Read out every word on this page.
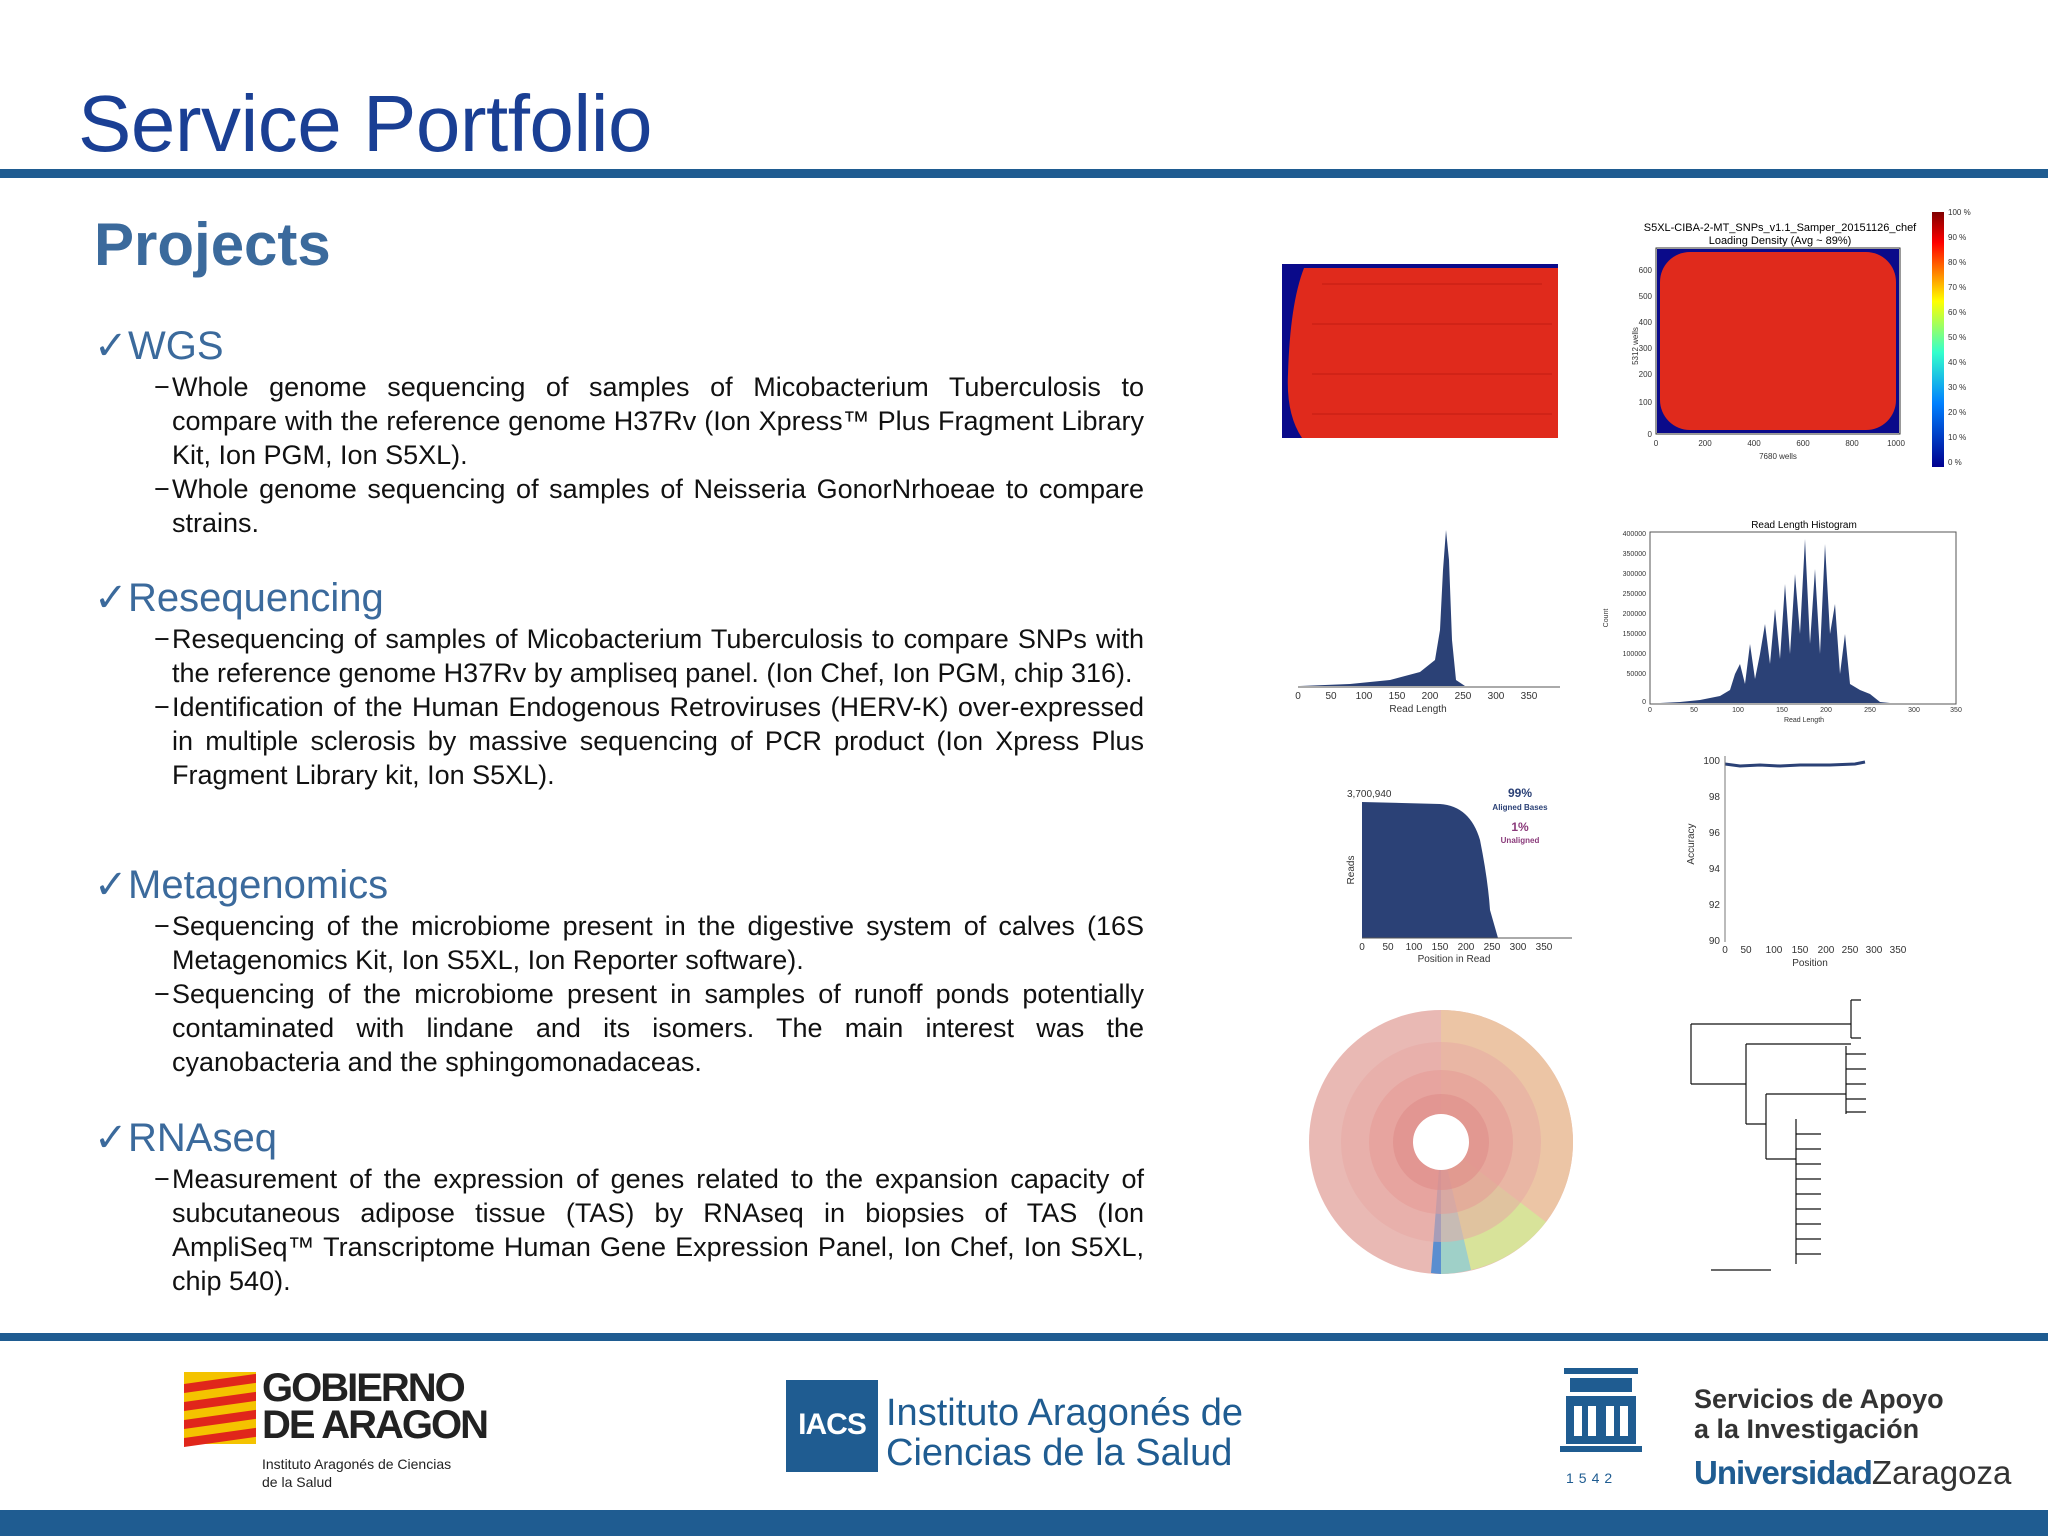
Service Portfolio
Projects
✓WGS
− Whole genome sequencing of samples of Micobacterium Tuberculosis to compare with the reference genome H37Rv (Ion Xpress™ Plus Fragment Library Kit, Ion PGM, Ion S5XL).
− Whole genome sequencing of samples of Neisseria GonorNrhoeae to compare strains.
✓Resequencing
− Resequencing of samples of Micobacterium Tuberculosis to compare SNPs with the reference genome H37Rv by ampliseq panel. (Ion Chef, Ion PGM, chip 316).
− Identification of the Human Endogenous Retroviruses (HERV-K) over-expressed in multiple sclerosis by massive sequencing of PCR product (Ion Xpress Plus Fragment Library kit, Ion S5XL).
✓Metagenomics
− Sequencing of the microbiome present in the digestive system of calves (16S Metagenomics Kit, Ion S5XL, Ion Reporter software).
− Sequencing of the microbiome present in samples of runoff ponds potentially contaminated with lindane and its isomers. The main interest was the cyanobacteria and the sphingomonadaceas.
✓RNAseq
− Measurement of the expression of genes related to the expansion capacity of subcutaneous adipose tissue (TAS) by RNAseq in biopsies of TAS (Ion AmpliSeq™ Transcriptome Human Gene Expression Panel, Ion Chef, Ion S5XL, chip 540).
S5XL-CIBA-2-MT_SNPs_v1.1_Samper_20151126_chef
Loading Density (Avg ~ 89%)
0	200	400	600	800	1000
0
100
200
300
400
500
600
7680 wells
5312 wells
100 %
90 %
80 %
70 %
60 %
50 %
40 %
30 %
20 %
10 %
0 %
0 50 100 150 200 250 300 350
Read Length
Read Length Histogram
400000
350000
300000
250000
200000
150000
100000
50000
0
0	50	100	150	200	250	300	350
Count
Read Length
3,700,940	99%
Aligned Bases
1%
Unaligned
0 50 100 150 200 250 300 350
Position in Read
Reads
100
98
96
94
92
90
0 50 100 150 200 250 300 350
Position
Accuracy
GOBIERNO
DE ARAGON
Instituto Aragonés de Ciencias
de la Salud
IACS Instituto Aragonés de
Ciencias de la Salud
1542
Servicios de Apoyo
a la Investigación
UniversidadZaragoza
